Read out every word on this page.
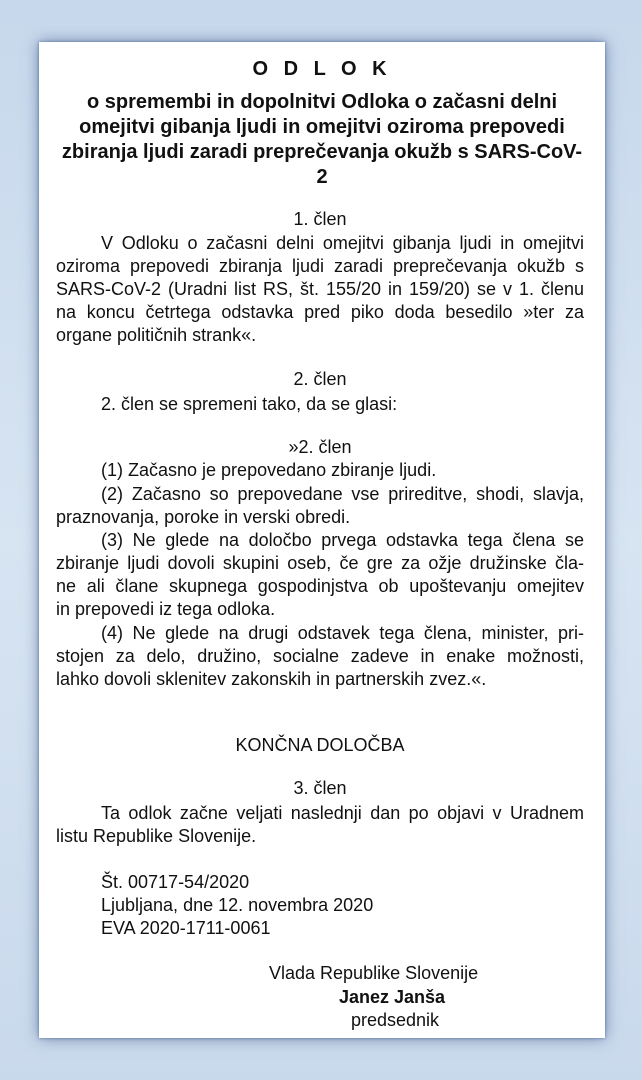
O D L O K
o spremembi in dopolnitvi Odloka o začasni delni omejitvi gibanja ljudi in omejitvi oziroma prepovedi zbiranja ljudi zaradi preprečevanja okužb s SARS-CoV-2
1. člen
V Odloku o začasni delni omejitvi gibanja ljudi in omejitvi
oziroma prepovedi zbiranja ljudi zaradi preprečevanja okužb s
SARS-CoV-2 (Uradni list RS, št. 155/20 in 159/20) se v 1. členu
na koncu četrtega odstavka pred piko doda besedilo »ter za
organe političnih strank«.
2. člen
2. člen se spremeni tako, da se glasi:
»2. člen
(1) Začasno je prepovedano zbiranje ljudi.
(2) Začasno so prepovedane vse prireditve, shodi, slavja,
praznovanja, poroke in verski obredi.
(3) Ne glede na določbo prvega odstavka tega člena se
zbiranje ljudi dovoli skupini oseb, če gre za ožje družinske čla-
ne ali člane skupnega gospodinjstva ob upoštevanju omejitev
in prepovedi iz tega odloka.
(4) Ne glede na drugi odstavek tega člena, minister, pri-
stojen za delo, družino, socialne zadeve in enake možnosti,
lahko dovoli sklenitev zakonskih in partnerskih zvez.«.
KONČNA DOLOČBA
3. člen
Ta odlok začne veljati naslednji dan po objavi v Uradnem
listu Republike Slovenije.
Št. 00717-54/2020
Ljubljana, dne 12. novembra 2020
EVA 2020-1711-0061
Vlada Republike Slovenije
Janez Janša
predsednik
